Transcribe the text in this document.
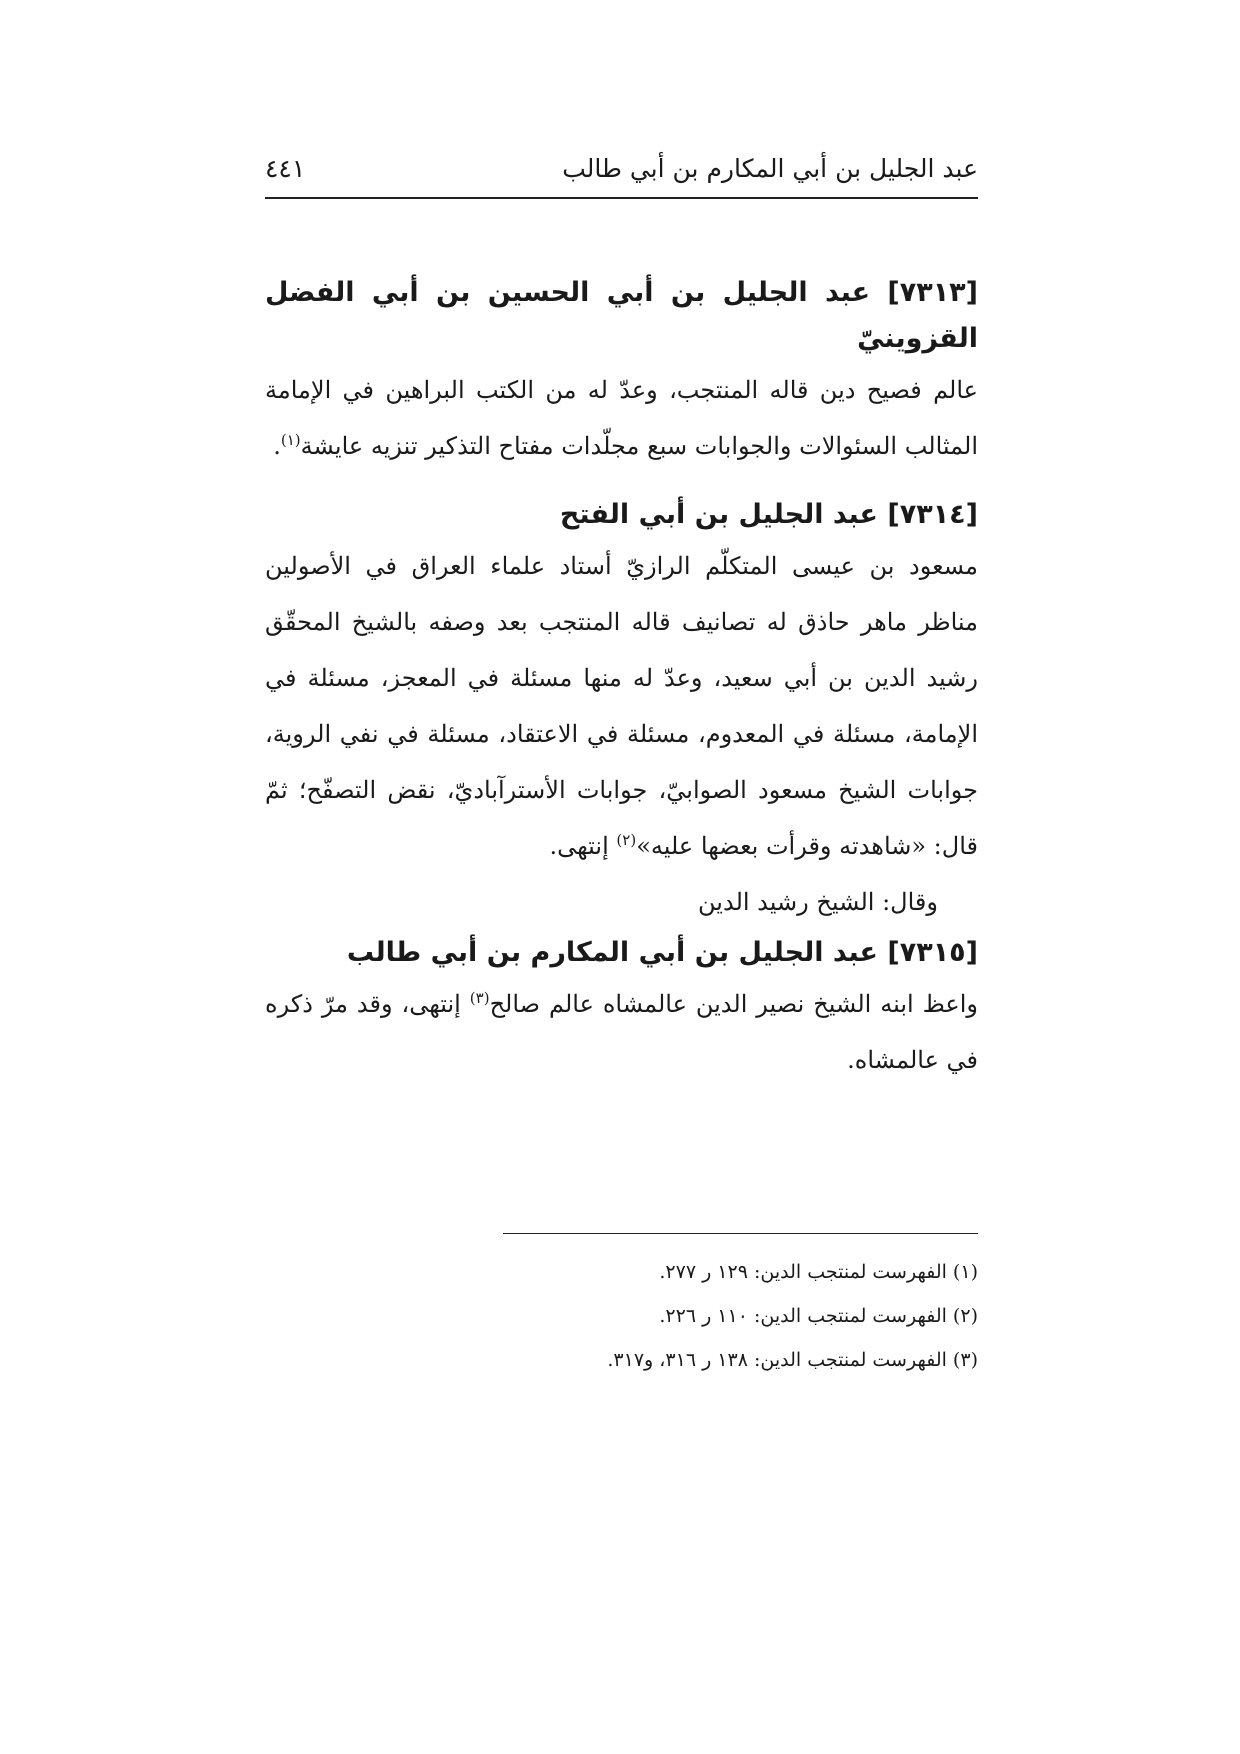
عبد الجليل بن أبي المكارم بن أبي طالب
٤٤١
[٧٣١٣] عبد الجليل بن أبي الحسين بن أبي الفضل القزوينيّ

عالم فصيح دين قاله المنتجب، وعدّ له من الكتب البراهين في الإمامة المثالب السئوالات والجوابات سبع مجلّدات مفتاح التذكير تنزيه عايشة$^{(١)}$.

[٧٣١٤] عبد الجليل بن أبي الفتح

مسعود بن عيسى المتكلّم الرازيّ أستاد علماء العراق في الأصولين مناظر ماهر حاذق له تصانيف قاله المنتجب بعد وصفه بالشيخ المحقّق رشيد الدين بن أبي سعيد، وعدّ له منها مسئلة في المعجز، مسئلة في الإمامة، مسئلة في المعدوم، مسئلة في الاعتقاد، مسئلة في نفي الروية، جوابات الشيخ مسعود الصوابيّ، جوابات الأسترآباديّ، نقض التصفّح؛ ثمّ قال: «شاهدته وقرأت بعضها عليه»$^{(٢)}$ إنتهى.

وقال: الشيخ رشيد الدين

[٧٣١٥] عبد الجليل بن أبي المكارم بن أبي طالب

واعظ ابنه الشيخ نصير الدين عالمشاه عالم صالح$^{(٣)}$ إنتهى، وقد مرّ ذكره في عالمشاه.

(١) الفهرست لمنتجب الدين: ١٢٩ ر ٢٧٧.

(٢) الفهرست لمنتجب الدين: ١١٠ ر ٢٢٦.

(٣) الفهرست لمنتجب الدين: ١٣٨ ر ٣١٦، و٣١٧.
